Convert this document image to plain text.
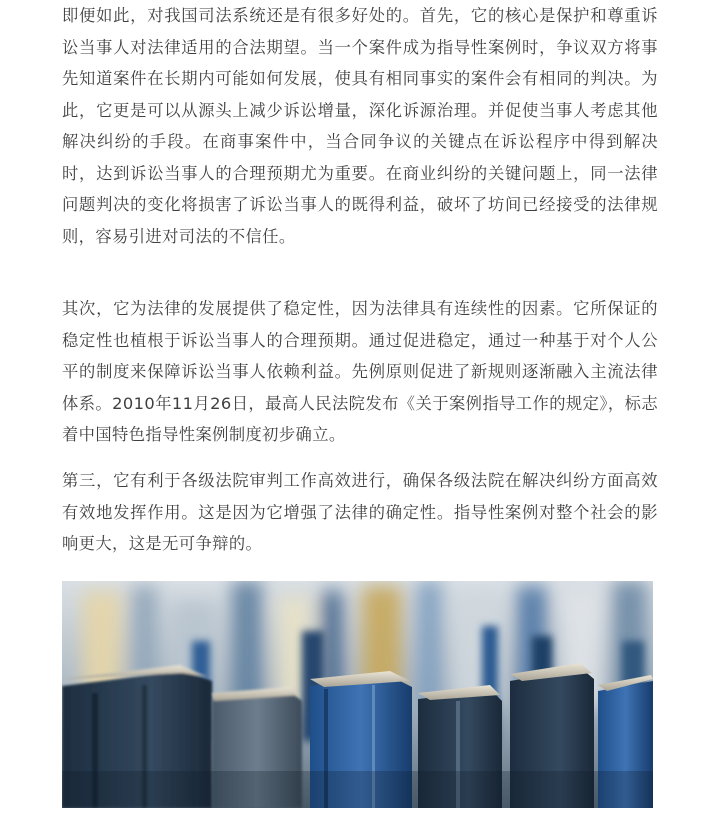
即便如此，对我国司法系统还是有很多好处的。首先，它的核心是保护和尊重诉讼当事人对法律适用的合法期望。当一个案件成为指导性案例时，争议双方将事先知道案件在长期内可能如何发展，使具有相同事实的案件会有相同的判决。为此，它更是可以从源头上减少诉讼增量，深化诉源治理。并促使当事人考虑其他解决纠纷的手段。在商事案件中，当合同争议的关键点在诉讼程序中得到解决时，达到诉讼当事人的合理预期尤为重要。在商业纠纷的关键问题上，同一法律问题判决的变化将损害了诉讼当事人的既得利益，破坏了坊间已经接受的法律规则，容易引进对司法的不信任。

其次，它为法律的发展提供了稳定性，因为法律具有连续性的因素。它所保证的稳定性也植根于诉讼当事人的合理预期。通过促进稳定，通过一种基于对个人公平的制度来保障诉讼当事人依赖利益。先例原则促进了新规则逐渐融入主流法律体系。2010年11月26日，最高人民法院发布《关于案例指导工作的规定》，标志着中国特色指导性案例制度初步确立。

第三，它有利于各级法院审判工作高效进行，确保各级法院在解决纠纷方面高效有效地发挥作用。这是因为它增强了法律的确定性。指导性案例对整个社会的影响更大，这是无可争辩的。
